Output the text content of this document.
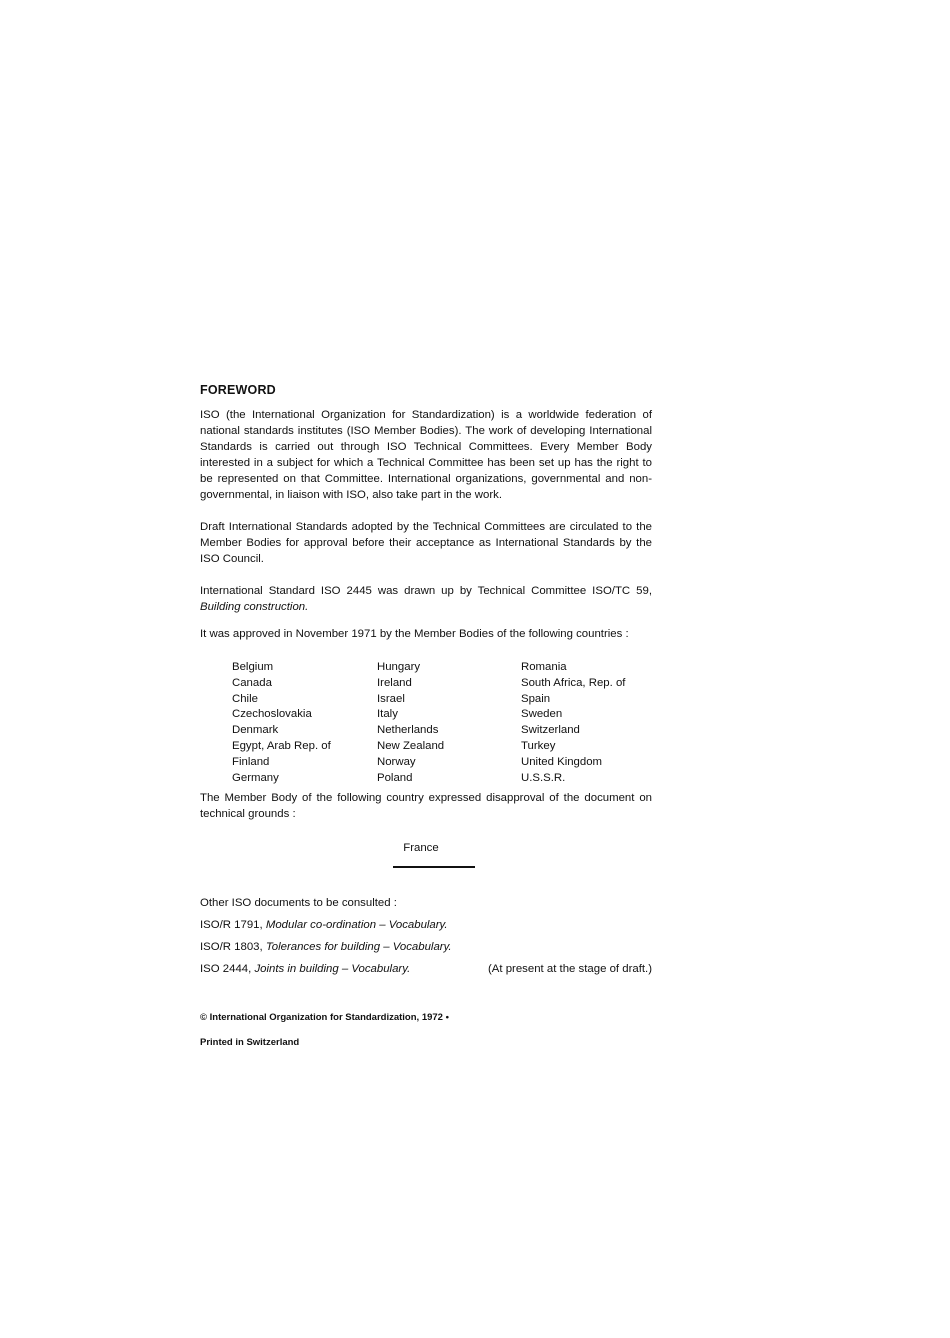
FOREWORD

ISO (the International Organization for Standardization) is a worldwide federation of national standards institutes (ISO Member Bodies). The work of developing International Standards is carried out through ISO Technical Committees. Every Member Body interested in a subject for which a Technical Committee has been set up has the right to be represented on that Committee. International organizations, governmental and non-governmental, in liaison with ISO, also take part in the work.

Draft International Standards adopted by the Technical Committees are circulated to the Member Bodies for approval before their acceptance as International Standards by the ISO Council.

International Standard ISO 2445 was drawn up by Technical Committee ISO/TC 59, Building construction.

It was approved in November 1971 by the Member Bodies of the following countries :

Belgium
Canada
Chile
Czechoslovakia
Denmark
Egypt, Arab Rep. of
Finland
Germany
Hungary
Ireland
Israel
Italy
Netherlands
New Zealand
Norway
Poland
Romania
South Africa, Rep. of
Spain
Sweden
Switzerland
Turkey
United Kingdom
U.S.S.R.

The Member Body of the following country expressed disapproval of the document on technical grounds :

France
Other ISO documents to be consulted :
ISO/R 1791, Modular co-ordination – Vocabulary.
ISO/R 1803, Tolerances for building – Vocabulary.
ISO 2444, Joints in building – Vocabulary.	(At present at the stage of draft.)
© International Organization for Standardization, 1972 •
Printed in Switzerland
